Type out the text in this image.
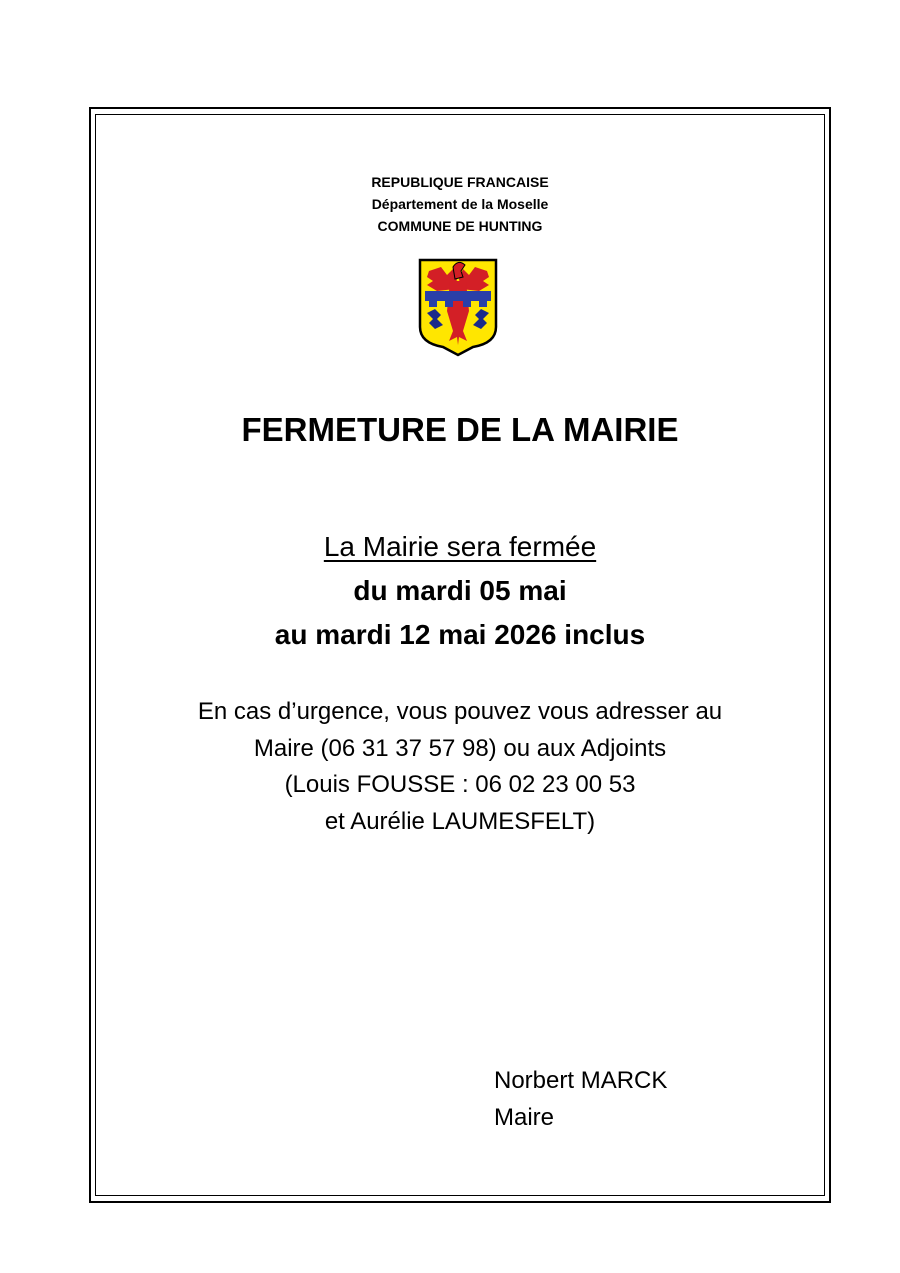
REPUBLIQUE FRANCAISE
Département de la Moselle
COMMUNE DE HUNTING
FERMETURE DE LA MAIRIE
La Mairie sera fermée
du mardi 05 mai
au mardi 12 mai 2026 inclus
En cas d’urgence, vous pouvez vous adresser au
Maire (06 31 37 57 98) ou aux Adjoints
(Louis FOUSSE : 06 02 23 00 53
et Aurélie LAUMESFELT)
Norbert MARCK
Maire
